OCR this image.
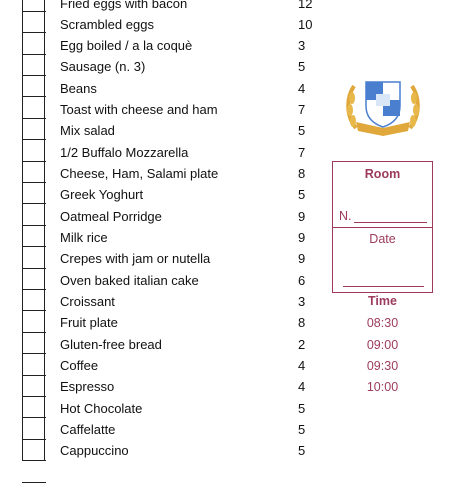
Fried eggs with bacon	12
Scrambled eggs	10
Egg boiled / a la coquè	3
Sausage (n. 3)	5
Beans	4
Toast with cheese and ham	7
Mix salad	5
1/2 Buffalo Mozzarella	7
Cheese, Ham, Salami plate	8
Greek Yoghurt	5
Oatmeal Porridge	9
Milk rice	9
Crepes with jam or nutella	9
Oven baked italian cake	6
Croissant	3
Fruit plate	8
Gluten-free bread	2
Coffee	4
Espresso	4
Hot Chocolate	5
Caffelatte	5
Cappuccino	5
Room
N.
Date
Time
08:30
09:00
09:30
10:00
